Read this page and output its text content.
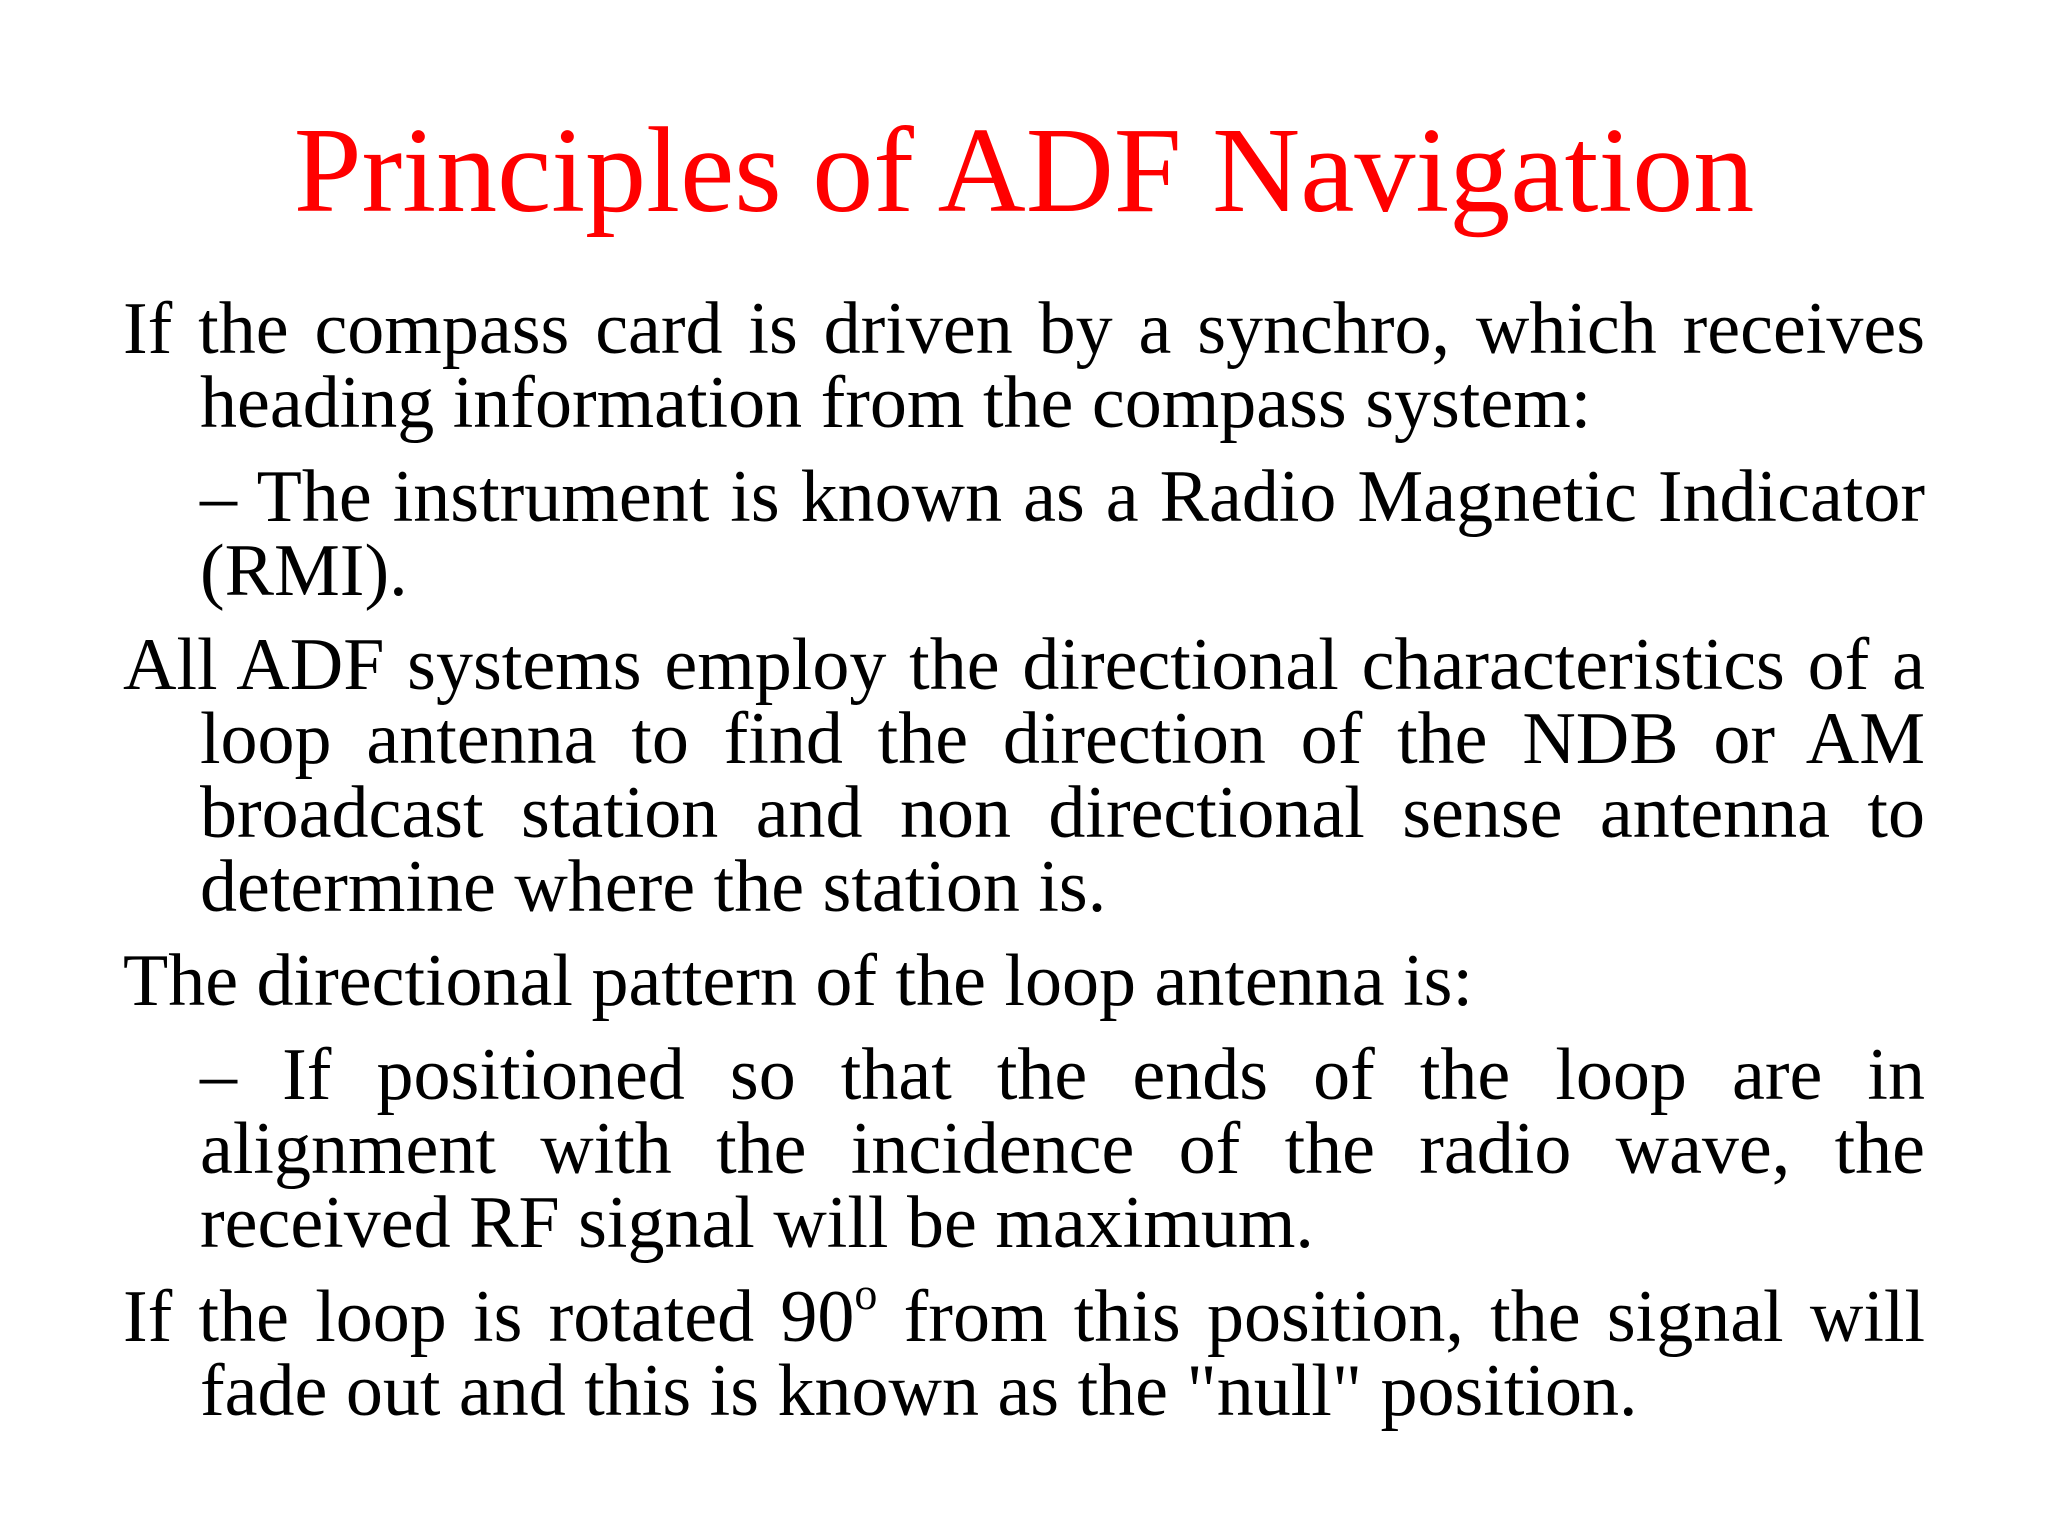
Principles of ADF Navigation

If the compass card is driven by a synchro, which receives heading information from the compass system:

– The instrument is known as a Radio Magnetic Indicator (RMI).

All ADF systems employ the directional characteristics of a loop antenna to find the direction of the NDB or AM broadcast station and non directional sense antenna to determine where the station is.

The directional pattern of the loop antenna is:

– If positioned so that the ends of the loop are in alignment with the incidence of the radio wave, the received RF signal will be maximum.

If the loop is rotated 90$^o$ from this position, the signal will fade out and this is known as the "null" position.
